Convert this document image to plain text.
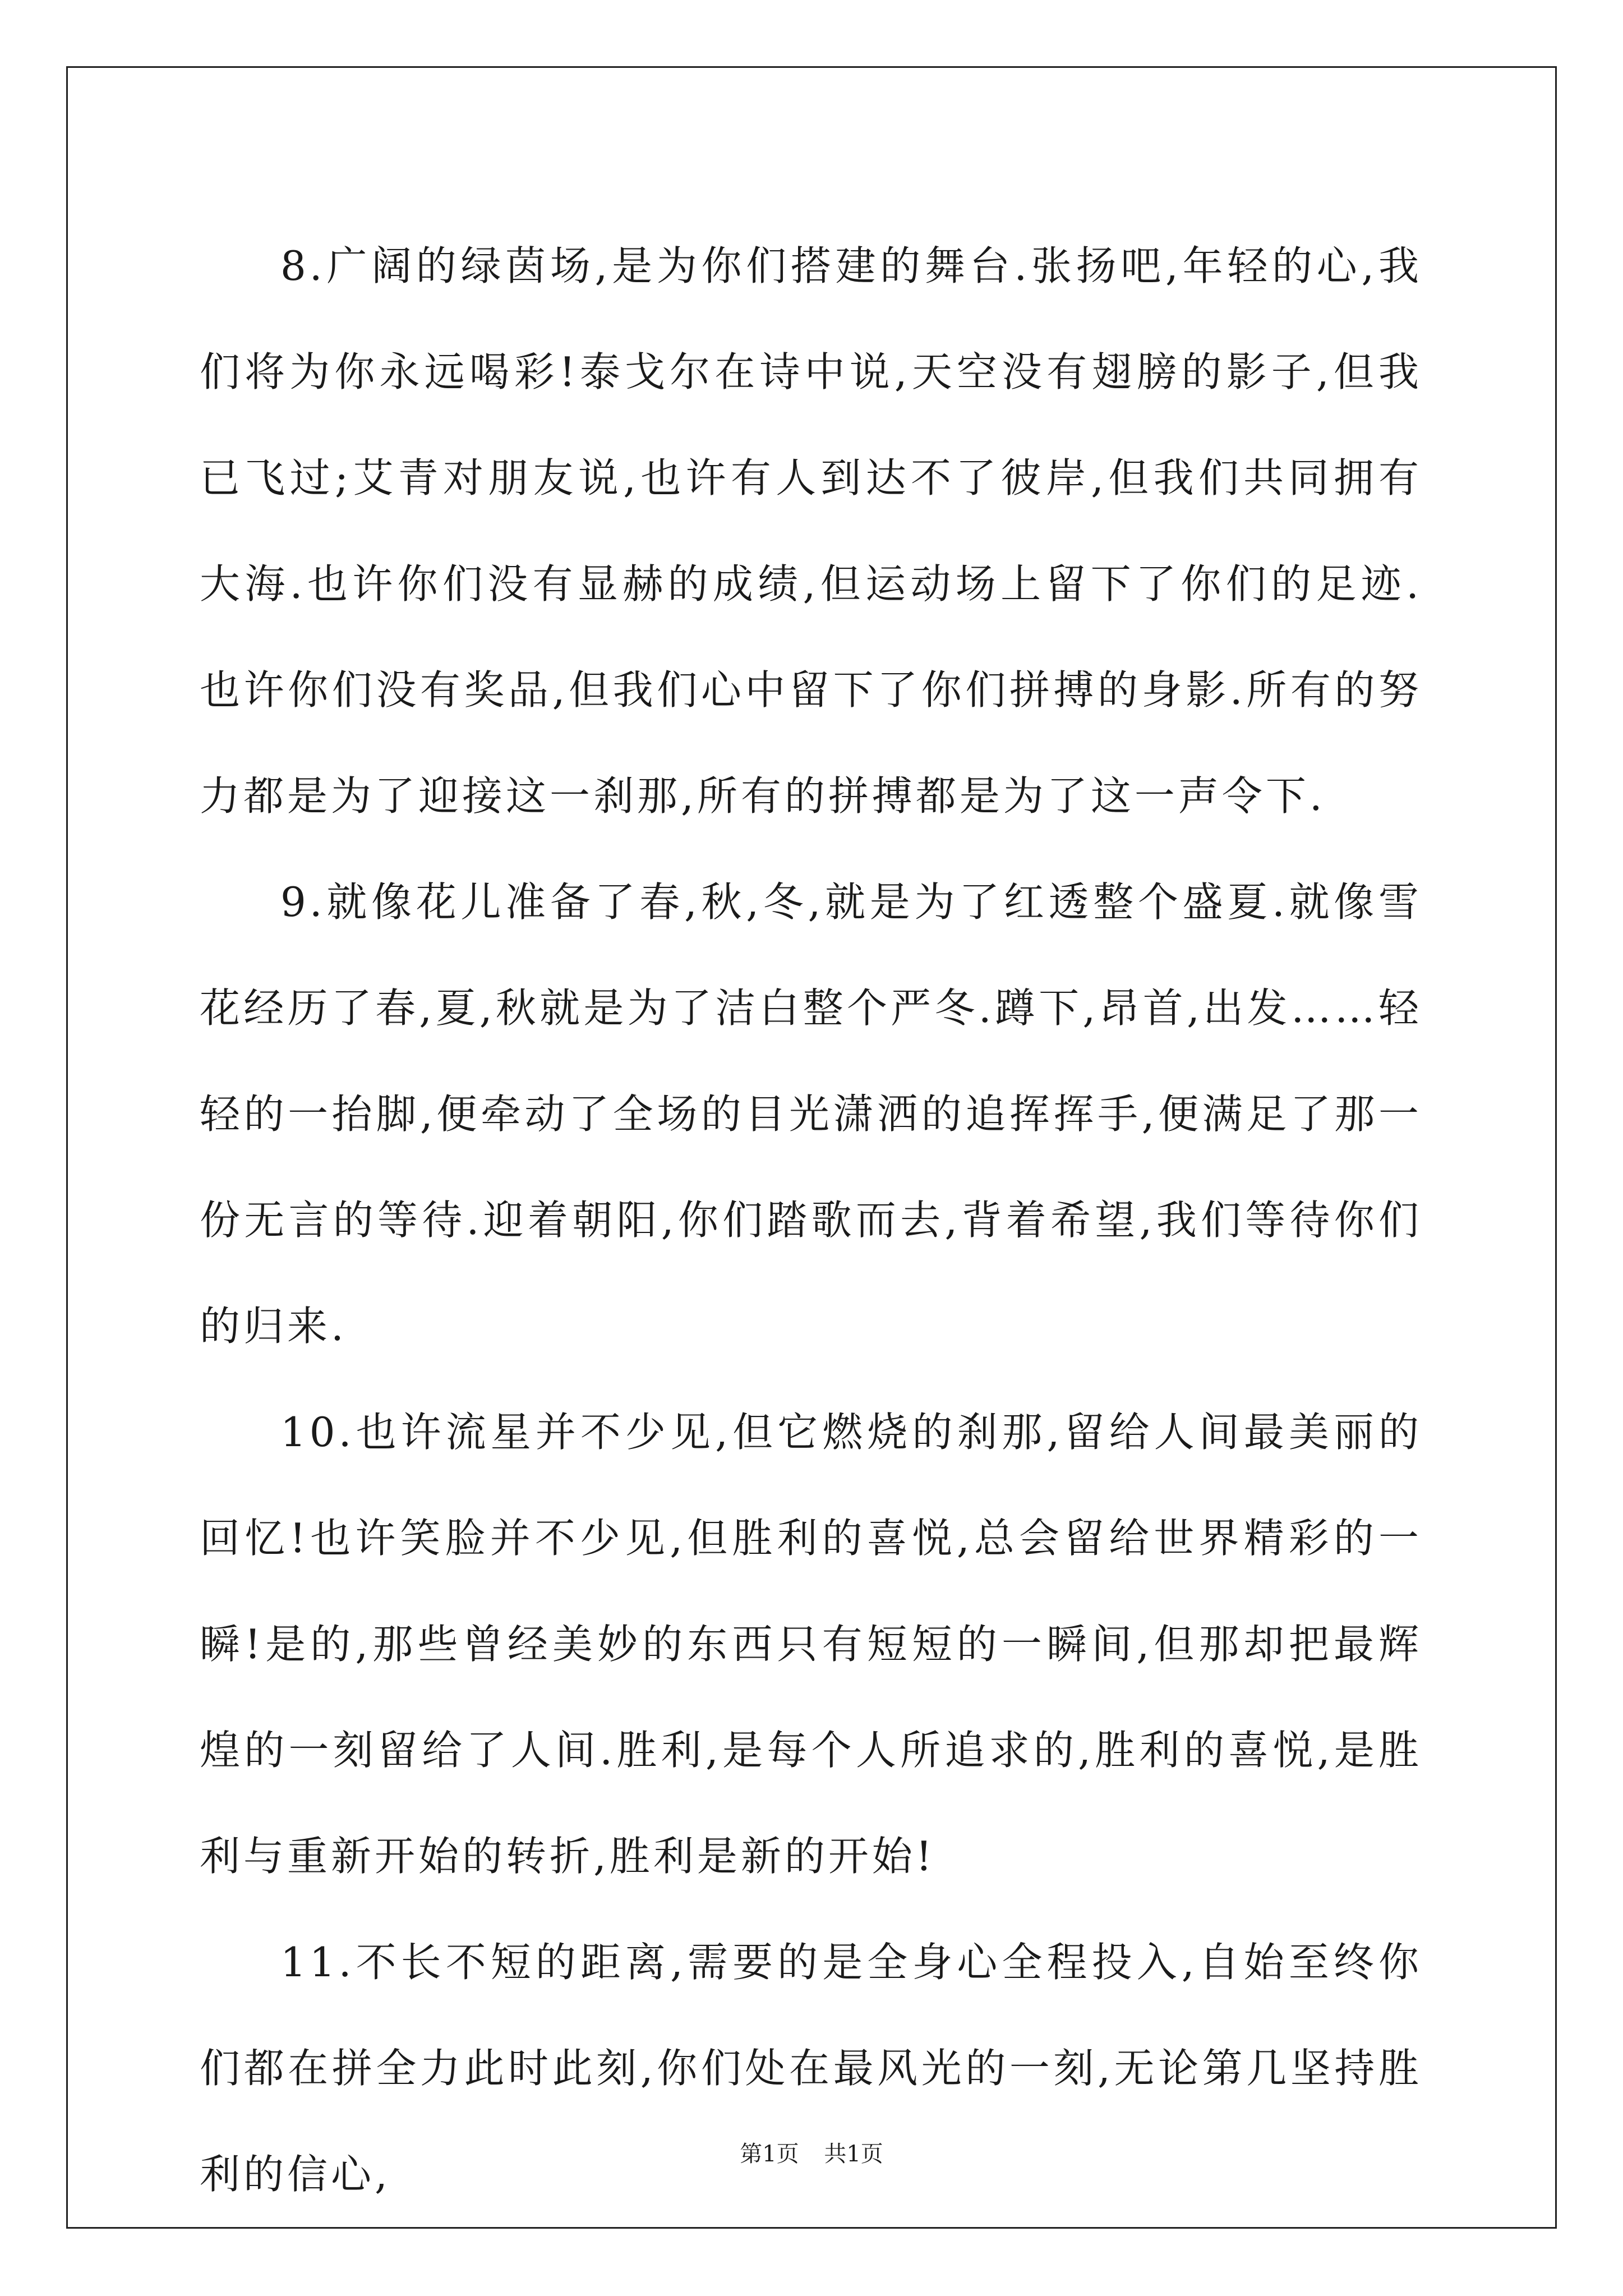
8.广阔的绿茵场,是为你们搭建的舞台.张扬吧,年轻的心,我们将为你永远喝彩!泰戈尔在诗中说,天空没有翅膀的影子,但我已飞过;艾青对朋友说,也许有人到达不了彼岸,但我们共同拥有大海.也许你们没有显赫的成绩,但运动场上留下了你们的足迹.也许你们没有奖品,但我们心中留下了你们拼搏的身影.所有的努力都是为了迎接这一刹那,所有的拼搏都是为了这一声令下.

9.就像花儿准备了春,秋,冬,就是为了红透整个盛夏.就像雪花经历了春,夏,秋就是为了洁白整个严冬.蹲下,昂首,出发……轻轻的一抬脚,便牵动了全场的目光潇洒的追挥挥手,便满足了那一份无言的等待.迎着朝阳,你们踏歌而去,背着希望,我们等待你们的归来.

10.也许流星并不少见,但它燃烧的刹那,留给人间最美丽的回忆!也许笑脸并不少见,但胜利的喜悦,总会留给世界精彩的一瞬!是的,那些曾经美妙的东西只有短短的一瞬间,但那却把最辉煌的一刻留给了人间.胜利,是每个人所追求的,胜利的喜悦,是胜利与重新开始的转折,胜利是新的开始!

11.不长不短的距离,需要的是全身心全程投入,自始至终你们都在拼全力此时此刻,你们处在最风光的一刻,无论第几坚持胜利的信心,	第1页 共1页
